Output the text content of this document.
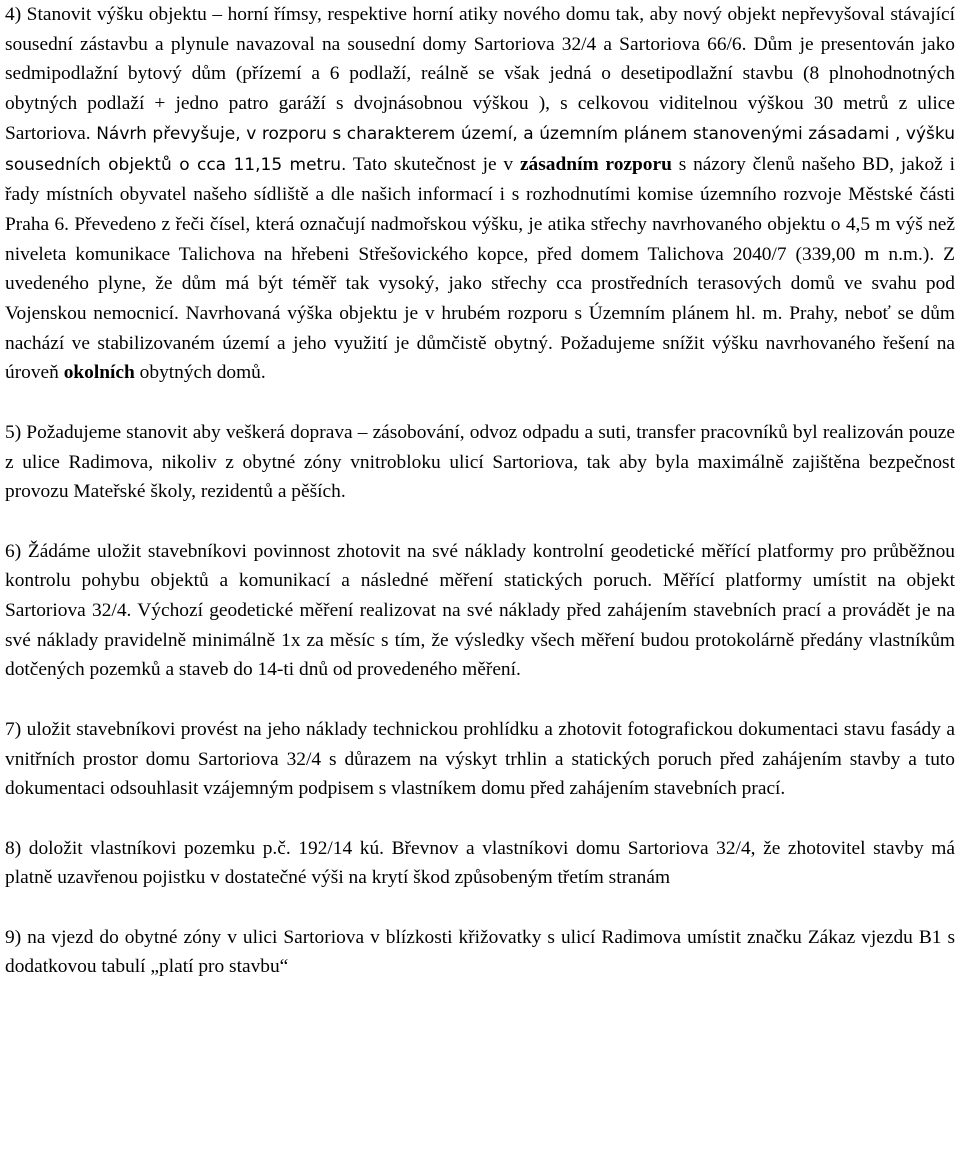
4) Stanovit výšku objektu – horní římsy, respektive horní atiky nového domu tak, aby nový objekt nepřevyšoval stávající sousední zástavbu a plynule navazoval na sousední domy Sartoriova 32/4 a Sartoriova 66/6. Dům je presentován jako sedmipodlažní bytový dům (přízemí a 6 podlaží, reálně se však jedná o desetipodlažní stavbu (8 plnohodnotných obytných podlaží + jedno patro garáží s dvojnásobnou výškou ), s celkovou viditelnou výškou 30 metrů z ulice Sartoriova. Návrh převyšuje, v rozporu s charakterem území, a územním plánem stanovenými zásadami , výšku sousedních objektů o cca 11,15 metru. Tato skutečnost je v zásadním rozporu s názory členů našeho BD, jakož i řady místních obyvatel našeho sídliště a dle našich informací i s rozhodnutími komise územního rozvoje Městské části Praha 6. Převedeno z řeči čísel, která označují nadmořskou výšku, je atika střechy navrhovaného objektu o 4,5 m výš než niveleta komunikace Talichova na hřebeni Střešovického kopce, před domem Talichova 2040/7 (339,00 m n.m.). Z uvedeného plyne, že dům má být téměř tak vysoký, jako střechy cca prostředních terasových domů ve svahu pod Vojenskou nemocnicí. Navrhovaná výška objektu je v hrubém rozporu s Územním plánem hl. m. Prahy, neboť se dům nachází ve stabilizovaném území a jeho využití je důmčistě obytný. Požadujeme snížit výšku navrhovaného řešení na úroveň okolních obytných domů.

5) Požadujeme stanovit aby veškerá doprava – zásobování, odvoz odpadu a suti, transfer pracovníků byl realizován pouze z ulice Radimova, nikoliv z obytné zóny vnitrobloku ulicí Sartoriova, tak aby byla maximálně zajištěna bezpečnost provozu Mateřské školy, rezidentů a pěších.

6) Žádáme uložit stavebníkovi povinnost zhotovit na své náklady kontrolní geodetické měřící platformy pro průběžnou kontrolu pohybu objektů a komunikací a následné měření statických poruch. Měřící platformy umístit na objekt Sartoriova 32/4. Výchozí geodetické měření realizovat na své náklady před zahájením stavebních prací a provádět je na své náklady pravidelně minimálně 1x za měsíc s tím, že výsledky všech měření budou protokolárně předány vlastníkům dotčených pozemků a staveb do 14-ti dnů od provedeného měření.

7) uložit stavebníkovi provést na jeho náklady technickou prohlídku a zhotovit fotografickou dokumentaci stavu fasády a vnitřních prostor domu Sartoriova 32/4 s důrazem na výskyt trhlin a statických poruch před zahájením stavby a tuto dokumentaci odsouhlasit vzájemným podpisem s vlastníkem domu před zahájením stavebních prací.

8) doložit vlastníkovi pozemku p.č. 192/14 kú. Břevnov a vlastníkovi domu Sartoriova 32/4, že zhotovitel stavby má platně uzavřenou pojistku v dostatečné výši na krytí škod způsobeným třetím stranám

9) na vjezd do obytné zóny v ulici Sartoriova v blízkosti křižovatky s ulicí Radimova umístit značku Zákaz vjezdu B1 s dodatkovou tabulí „platí pro stavbu“
